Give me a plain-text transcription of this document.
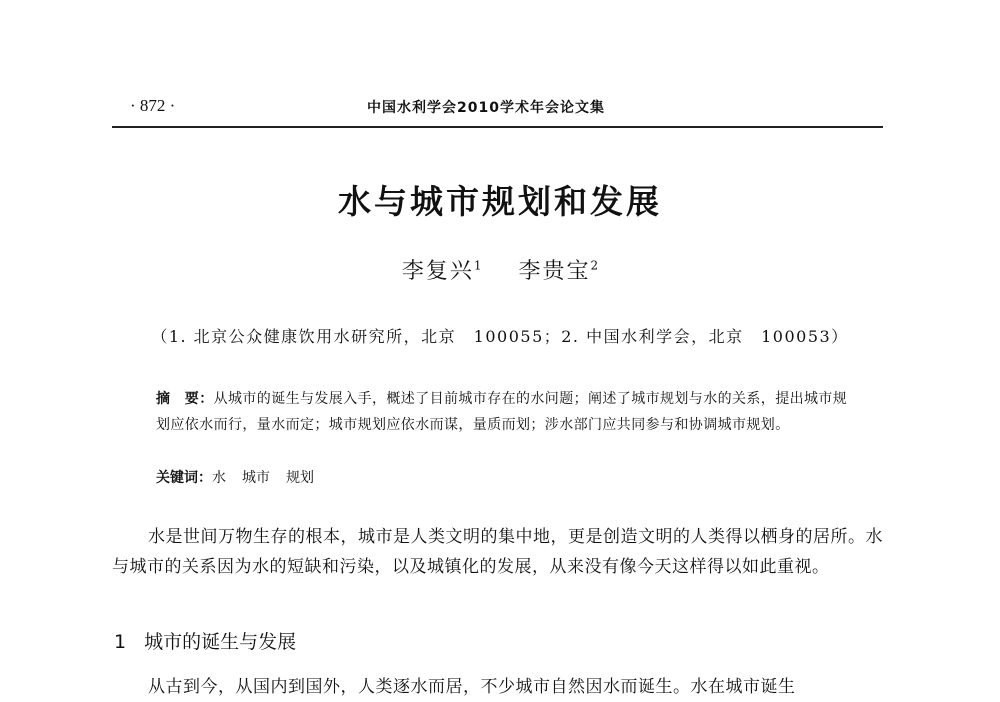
· 872 ·	中国水利学会2010学术年会论文集
水与城市规划和发展
李复兴$^1$ 李贵宝$^2$
（1. 北京公众健康饮用水研究所，北京　100055；2. 中国水利学会，北京　100053）
摘　要：从城市的诞生与发展入手，概述了目前城市存在的水问题；阐述了城市规划与水的关系，提出城市规划应依水而行，量水而定；城市规划应依水而谋，量质而划；涉水部门应共同参与和协调城市规划。
关键词：水 城市 规划

水是世间万物生存的根本，城市是人类文明的集中地，更是创造文明的人类得以栖身的居所。水与城市的关系因为水的短缺和污染，以及城镇化的发展，从来没有像今天这样得以如此重视。

1 城市的诞生与发展
从古到今，从国内到国外，人类逐水而居，不少城市自然因水而诞生。水在城市诞生
